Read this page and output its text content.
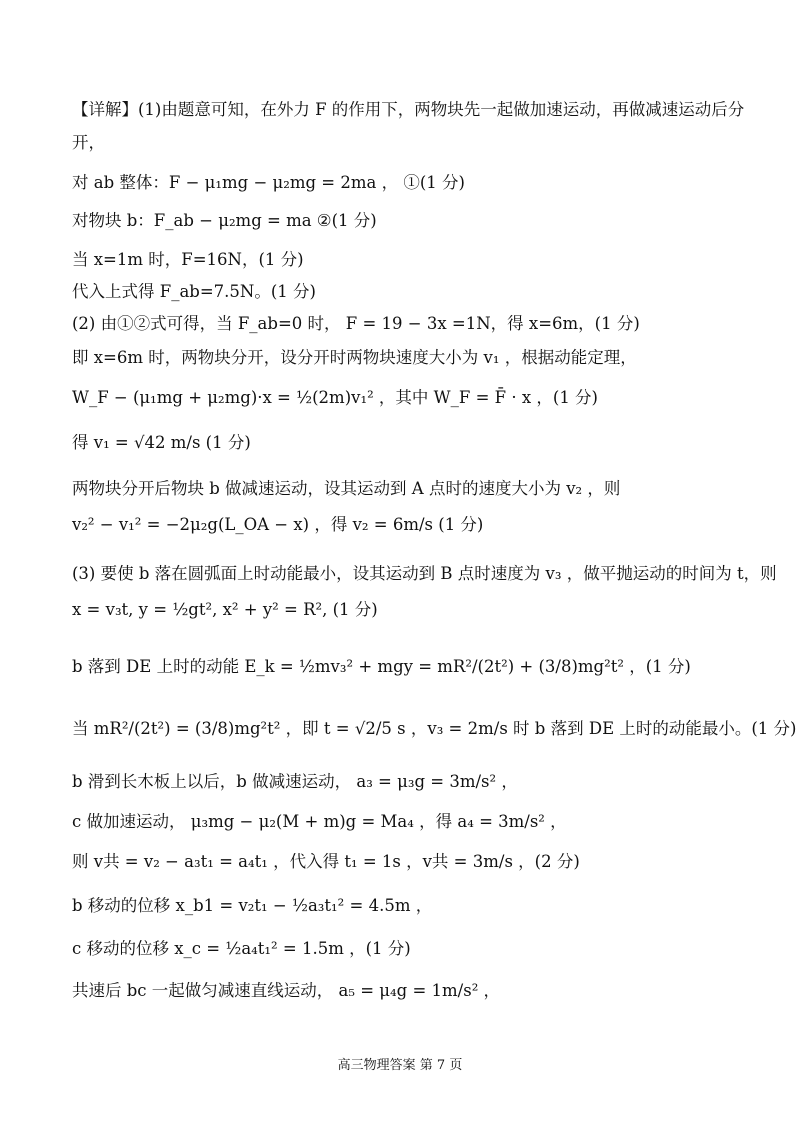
【详解】(1)由题意可知，在外力 F 的作用下，两物块先一起做加速运动，再做减速运动后分
开，
对 ab 整体：F − μ₁mg − μ₂mg = 2ma ， ①(1 分)
对物块 b：F_ab − μ₂mg = ma ②(1 分)
当 x=1m 时，F=16N，(1 分)
代入上式得 F_ab=7.5N。(1 分)
(2) 由①②式可得，当 F_ab=0 时， F = 19 − 3x =1N，得 x=6m，(1 分)
即 x=6m 时，两物块分开，设分开时两物块速度大小为 v₁ ，根据动能定理，
W_F − (μ₁mg + μ₂mg)·x = ½(2m)v₁² ，其中 W_F = F̄ · x ，(1 分)
得 v₁ = √42 m/s (1 分)
两物块分开后物块 b 做减速运动，设其运动到 A 点时的速度大小为 v₂ ，则
v₂² − v₁² = −2μ₂g(L_OA − x) ，得 v₂ = 6m/s (1 分)
(3) 要使 b 落在圆弧面上时动能最小，设其运动到 B 点时速度为 v₃ ，做平抛运动的时间为 t，则
x = v₃t, y = ½gt², x² + y² = R², (1 分)
b 落到 DE 上时的动能 E_k = ½mv₃² + mgy = mR²/(2t²) + (3/8)mg²t² ，(1 分)
当 mR²/(2t²) = (3/8)mg²t² ，即 t = √2/5 s ，v₃ = 2m/s 时 b 落到 DE 上时的动能最小。(1 分)
b 滑到长木板上以后，b 做减速运动， a₃ = μ₃g = 3m/s² ，
c 做加速运动， μ₃mg − μ₂(M + m)g = Ma₄ ，得 a₄ = 3m/s² ，
则 v共 = v₂ − a₃t₁ = a₄t₁ ，代入得 t₁ = 1s ，v共 = 3m/s ，(2 分)
b 移动的位移 x_b1 = v₂t₁ − ½a₃t₁² = 4.5m ，
c 移动的位移 x_c = ½a₄t₁² = 1.5m ，(1 分)
共速后 bc 一起做匀减速直线运动， a₅ = μ₄g = 1m/s² ，
高三物理答案 第 7 页
